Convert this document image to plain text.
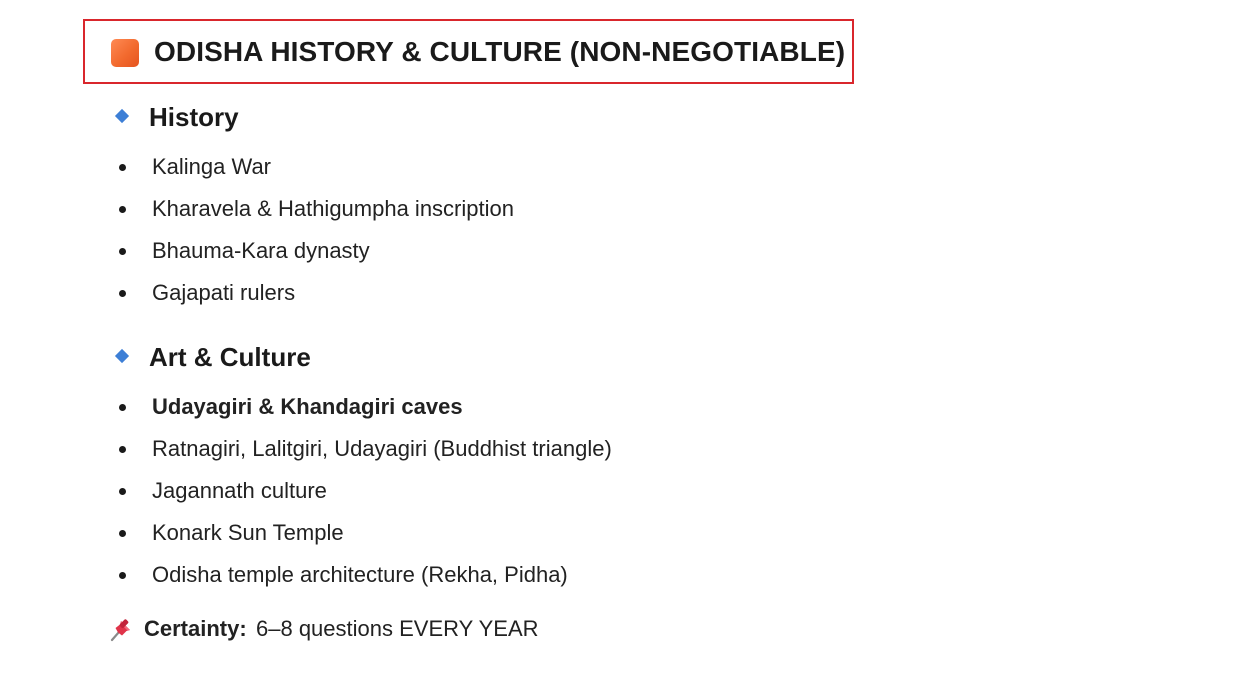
ODISHA HISTORY & CULTURE (NON-NEGOTIABLE)
History
Kalinga War
Kharavela & Hathigumpha inscription
Bhauma-Kara dynasty
Gajapati rulers
Art & Culture
Udayagiri & Khandagiri caves
Ratnagiri, Lalitgiri, Udayagiri (Buddhist triangle)
Jagannath culture
Konark Sun Temple
Odisha temple architecture (Rekha, Pidha)
Certainty: 6–8 questions EVERY YEAR
